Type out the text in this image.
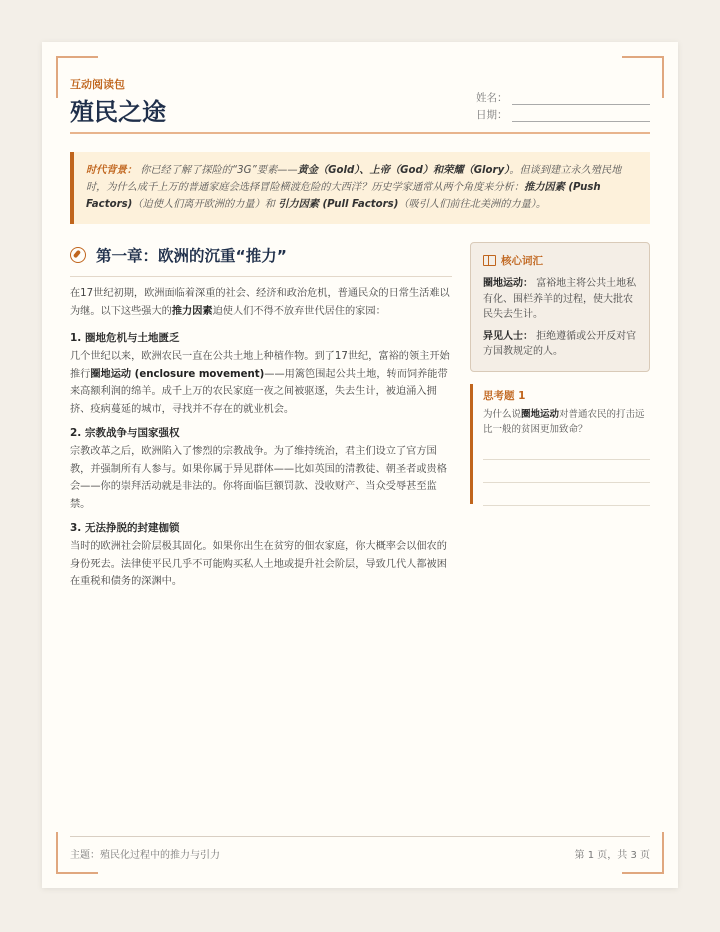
互动阅读包
殖民之途	姓名：
日期：
时代背景： 你已经了解了探险的“3G”要素——黄金（Gold）、上帝（God）和荣耀（Glory）。但谈到建立永久殖民地时，为什么成千上万的普通家庭会选择冒险横渡危险的大西洋？历史学家通常从两个角度来分析：推力因素 (Push Factors)（迫使人们离开欧洲的力量）和 引力因素 (Pull Factors)（吸引人们前往北美洲的力量）。
第一章：欧洲的沉重“推力”

在17世纪初期，欧洲面临着深重的社会、经济和政治危机，普通民众的日常生活难以为继。以下这些强大的推力因素迫使人们不得不放弃世代居住的家园：

1. 圈地危机与土地匮乏

几个世纪以来，欧洲农民一直在公共土地上种植作物。到了17世纪，富裕的领主开始推行圈地运动 (enclosure movement)——用篱笆围起公共土地，转而饲养能带来高额利润的绵羊。成千上万的农民家庭一夜之间被驱逐，失去生计，被迫涌入拥挤、疫病蔓延的城市，寻找并不存在的就业机会。

2. 宗教战争与国家强权

宗教改革之后，欧洲陷入了惨烈的宗教战争。为了维持统治，君主们设立了官方国教，并强制所有人参与。如果你属于异见群体——比如英国的清教徒、朝圣者或贵格会——你的崇拜活动就是非法的。你将面临巨额罚款、没收财产、当众受辱甚至监禁。

3. 无法挣脱的封建枷锁

当时的欧洲社会阶层极其固化。如果你出生在贫穷的佃农家庭，你大概率会以佃农的身份死去。法律使平民几乎不可能购买私人土地或提升社会阶层，导致几代人都被困在重税和债务的深渊中。

核心词汇
圈地运动： 富裕地主将公共土地私有化、围栏养羊的过程，使大批农民失去生计。
异见人士： 拒绝遵循或公开反对官方国教规定的人。
思考题 1
为什么说圈地运动对普通农民的打击远比一般的贫困更加致命？
主题：殖民化过程中的推力与引力	第 1 页，共 3 页
